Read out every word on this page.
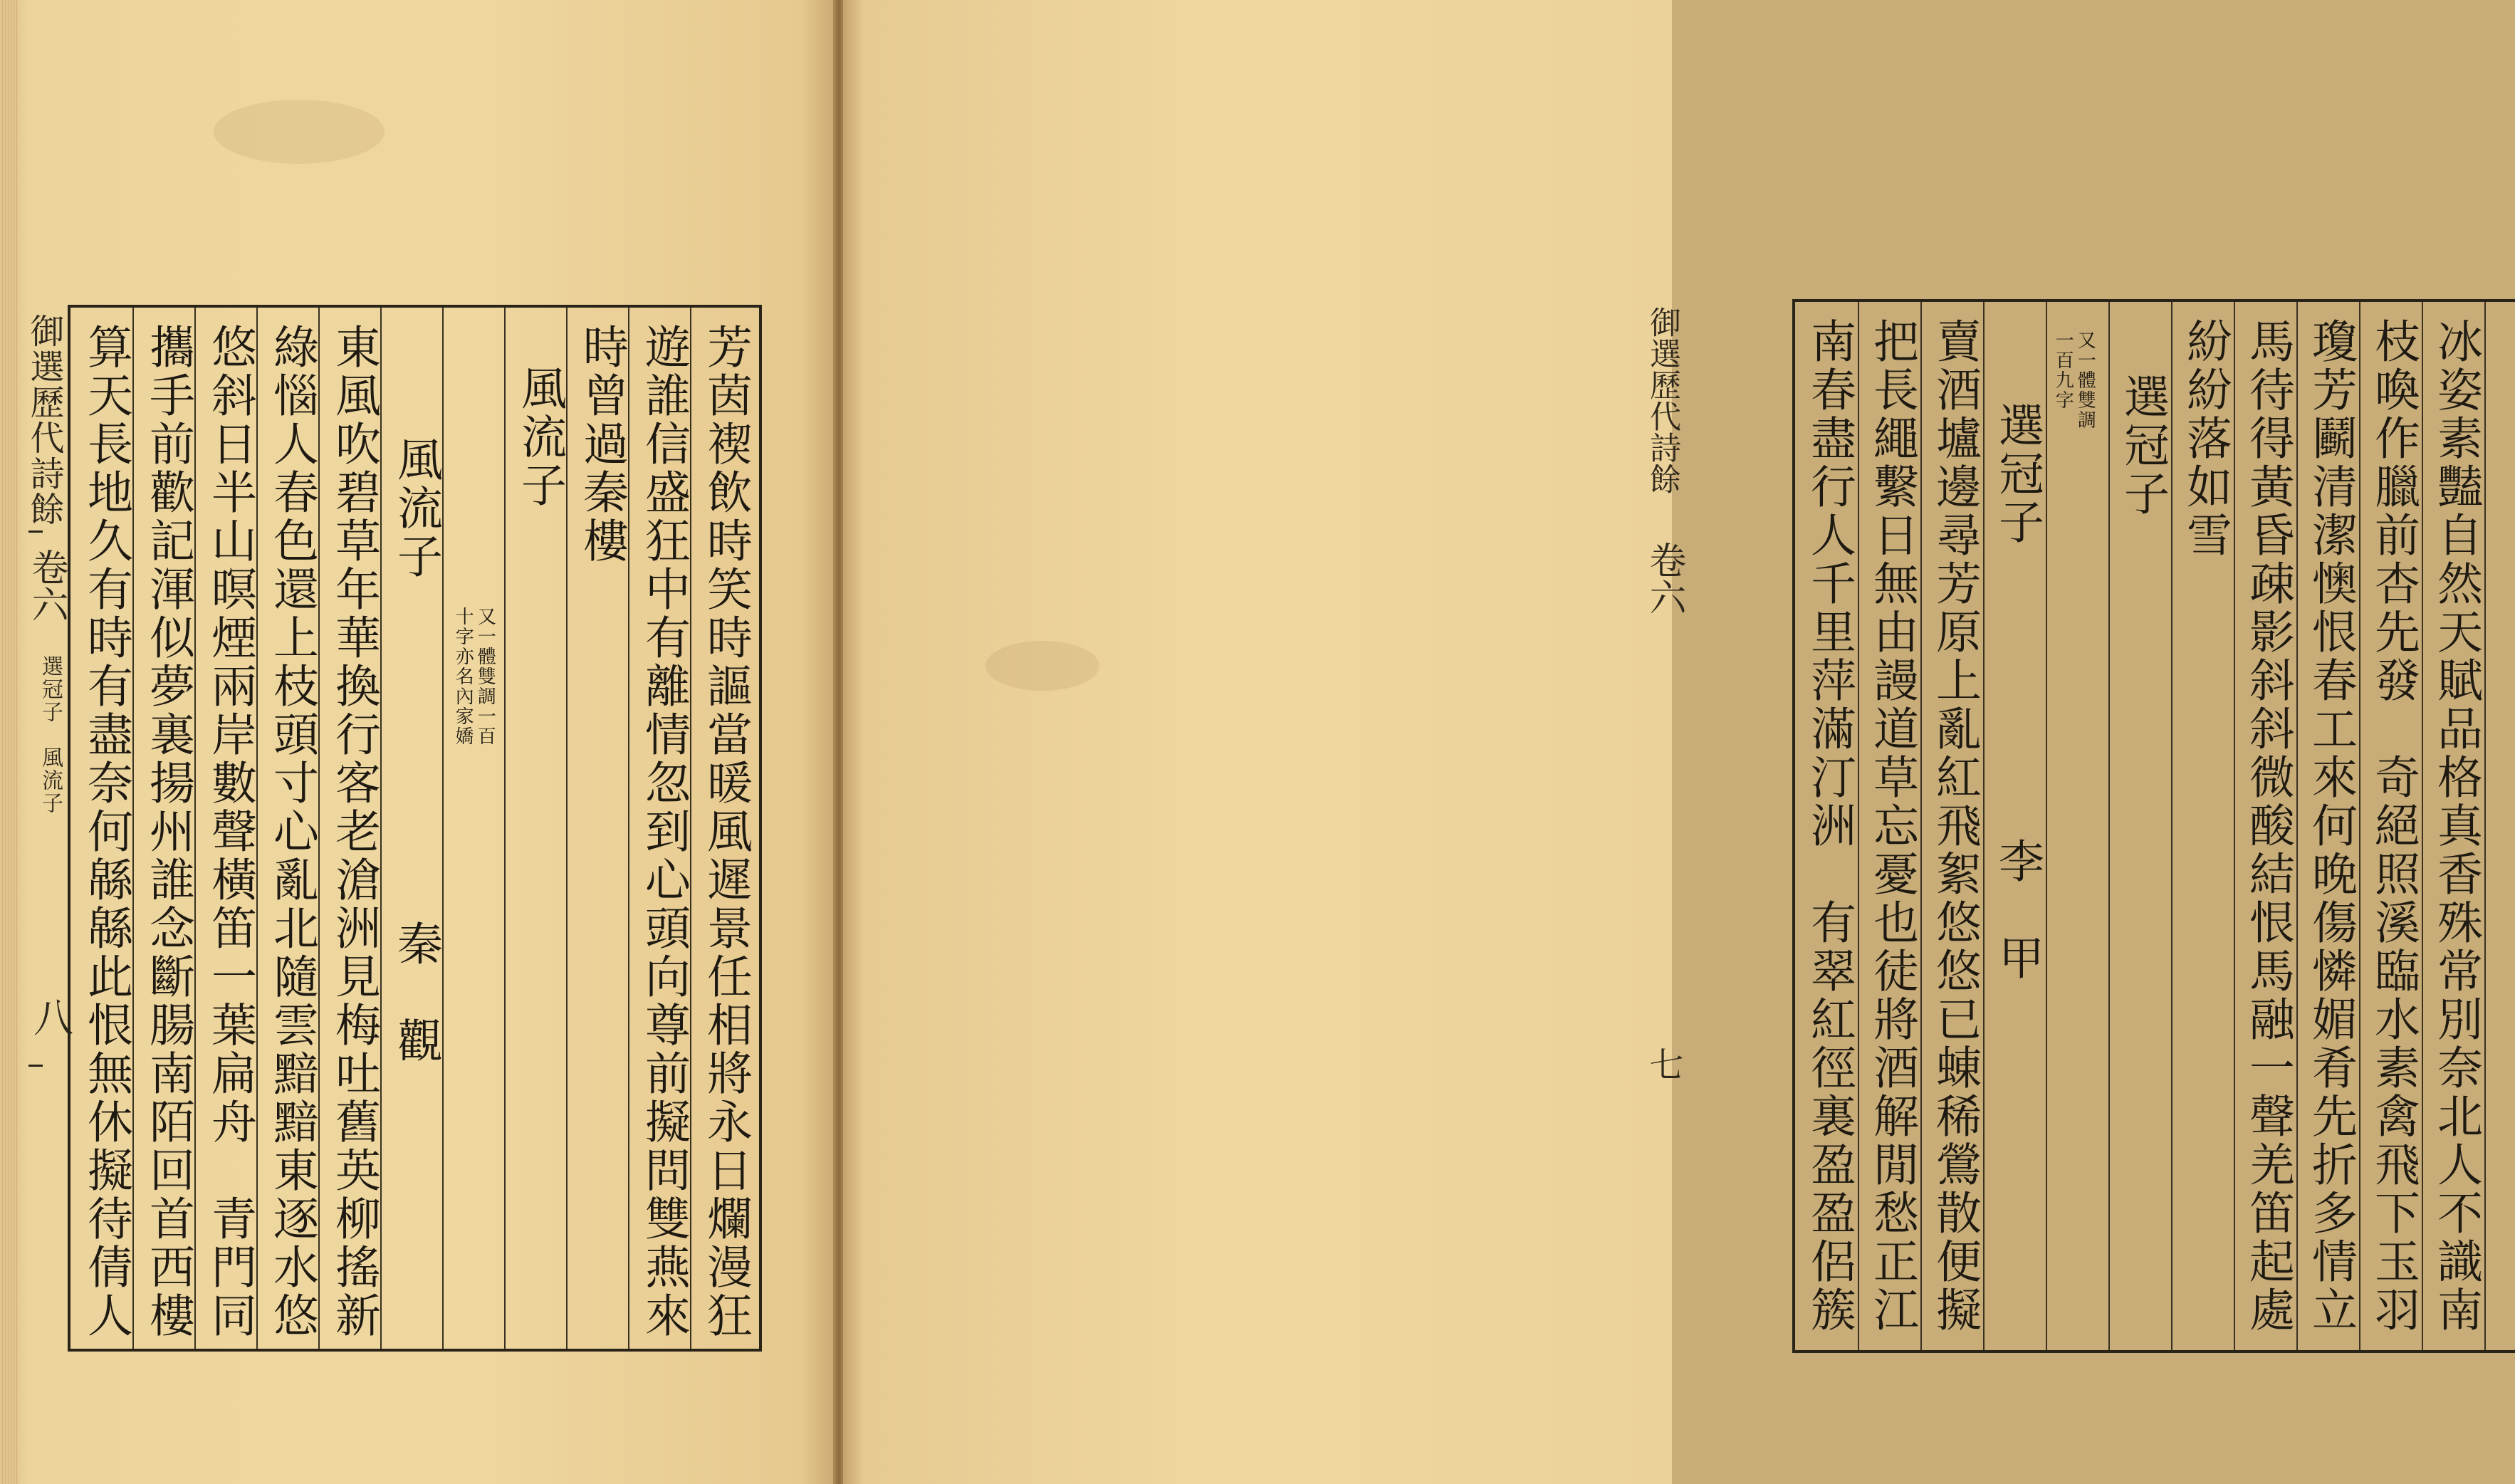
御選歷代詩餘
卷六
選冠子　風流子
八	芳茵褉飲時笑時謳當暖風遲景任相將永日爛漫狂
遊誰信盛狂中有離情忽到心頭向尊前擬問雙燕來
時曾過秦樓
風流子
又一體雙調一百
十字亦名內家嬌
風流子　　　　　　　秦　觀
東風吹碧草年華換行客老滄洲見梅吐舊英柳搖新
綠惱人春色還上枝頭寸心亂北隨雲黯黯東逐水悠
悠斜日半山暝煙兩岸數聲橫笛一葉扁舟　青門同
攜手前歡記渾似夢裏揚州誰念斷腸南陌回首西樓
算天長地久有時有盡奈何緜緜此恨無休擬待倩人	冰姿素豔自然天賦品格真香殊常別奈北人不識南
枝喚作臘前杏先發　奇絕照溪臨水素禽飛下玉羽
瓊芳鬬清潔懊恨春工來何晚傷憐媚肴先折多情立
馬待得黃昏疎影斜斜微酸結恨馬融一聲羌笛起處
紛紛落如雪
選冠子
又一體雙調
一百九字
選冠子　　　　　　李　甲
賣酒壚邊尋芳原上亂紅飛絮悠悠已蝀稀鶯散便擬
把長繩繫日無由謾道草忘憂也徒將酒解閒愁正江
南春盡行人千里萍滿汀洲　有翠紅徑裏盈盈侶簇
御選歷代詩餘
卷六
七
